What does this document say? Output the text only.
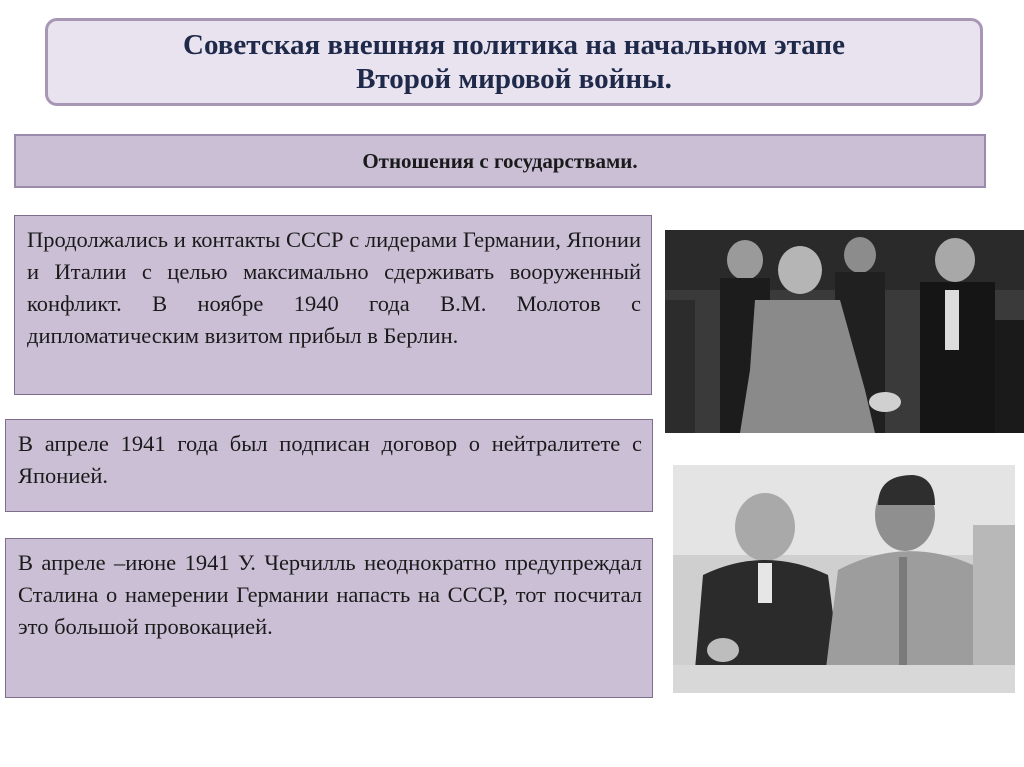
Советская внешняя политика на начальном этапе
Второй мировой войны.
Отношения с государствами.
Продолжались и контакты СССР с лидерами Германии, Японии и Италии с целью максимально сдерживать вооруженный конфликт. В ноябре 1940 года В.М. Молотов с дипломатическим визитом прибыл в Берлин.
В апреле 1941 года был подписан договор о нейтралитете с Японией.
В апреле –июне 1941 У. Черчилль неоднократно предупреждал Сталина о намерении Германии напасть на СССР, тот посчитал это большой провокацией.
